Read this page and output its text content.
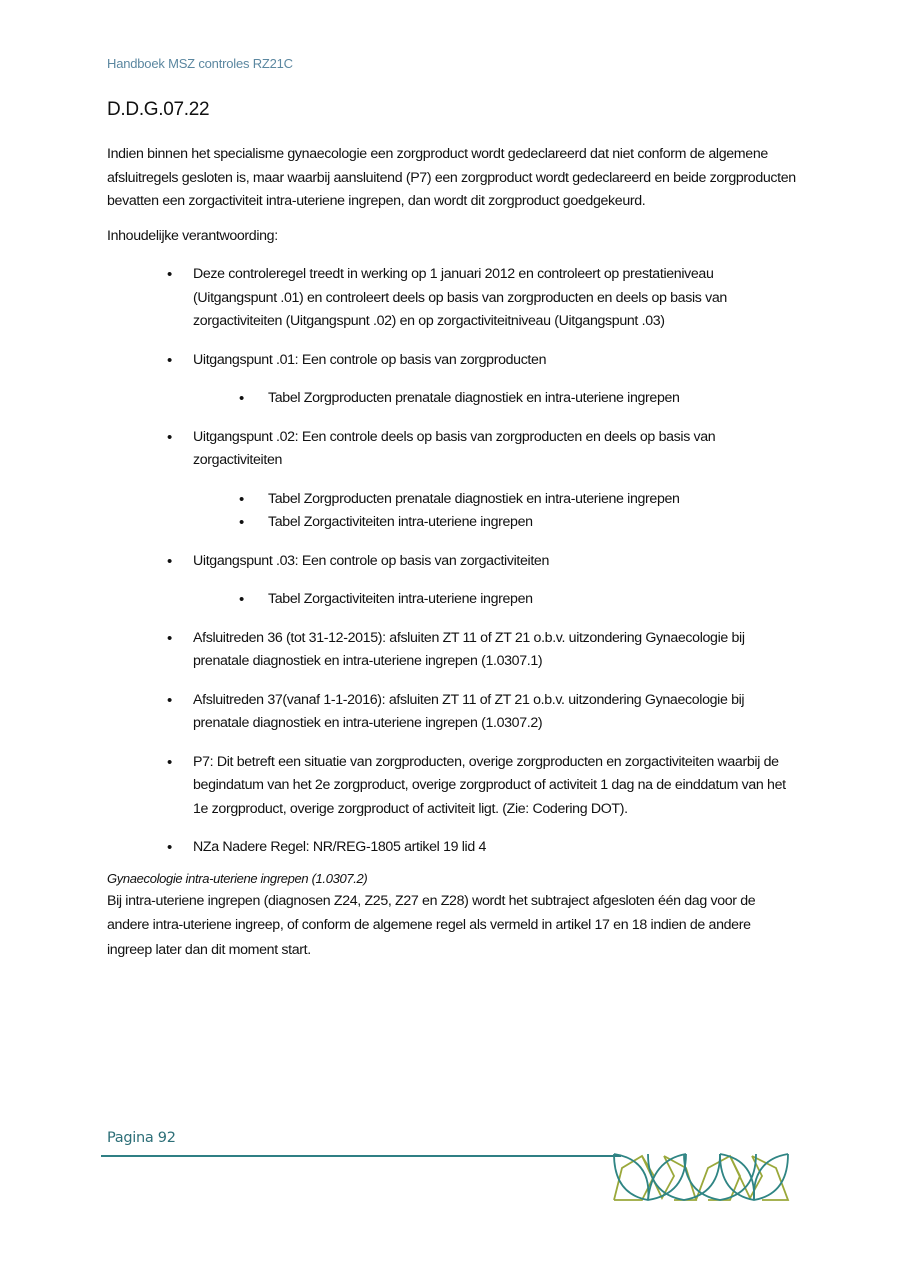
Handboek MSZ controles RZ21C
D.D.G.07.22

Indien binnen het specialisme gynaecologie een zorgproduct wordt gedeclareerd dat niet conform de algemene afsluitregels gesloten is, maar waarbij aansluitend (P7) een zorgproduct wordt gedeclareerd en beide zorgproducten bevatten een zorgactiviteit intra-uteriene ingrepen, dan wordt dit zorgproduct goedgekeurd.

Inhoudelijke verantwoording:

• Deze controleregel treedt in werking op 1 januari 2012 en controleert op prestatieniveau (Uitgangspunt .01) en controleert deels op basis van zorgproducten en deels op basis van zorgactiviteiten (Uitgangspunt .02) en op zorgactiviteitniveau (Uitgangspunt .03)
• Uitgangspunt .01: Een controle op basis van zorgproducten
• Tabel Zorgproducten prenatale diagnostiek en intra-uteriene ingrepen
• Uitgangspunt .02: Een controle deels op basis van zorgproducten en deels op basis van zorgactiviteiten
• Tabel Zorgproducten prenatale diagnostiek en intra-uteriene ingrepen
• Tabel Zorgactiviteiten intra-uteriene ingrepen
• Uitgangspunt .03: Een controle op basis van zorgactiviteiten
• Tabel Zorgactiviteiten intra-uteriene ingrepen
• Afsluitreden 36 (tot 31-12-2015): afsluiten ZT 11 of ZT 21 o.b.v. uitzondering Gynaecologie bij prenatale diagnostiek en intra-uteriene ingrepen (1.0307.1)
• Afsluitreden 37(vanaf 1-1-2016): afsluiten ZT 11 of ZT 21 o.b.v. uitzondering Gynaecologie bij prenatale diagnostiek en intra-uteriene ingrepen (1.0307.2)
• P7: Dit betreft een situatie van zorgproducten, overige zorgproducten en zorgactiviteiten waarbij de begindatum van het 2e zorgproduct, overige zorgproduct of activiteit 1 dag na de einddatum van het 1e zorgproduct, overige zorgproduct of activiteit ligt. (Zie: Codering DOT).
• NZa Nadere Regel: NR/REG-1805 artikel 19 lid 4

Gynaecologie intra-uteriene ingrepen (1.0307.2)

Bij intra-uteriene ingrepen (diagnosen Z24, Z25, Z27 en Z28) wordt het subtraject afgesloten één dag voor de andere intra-uteriene ingreep, of conform de algemene regel als vermeld in artikel 17 en 18 indien de andere ingreep later dan dit moment start.

Pagina 92
